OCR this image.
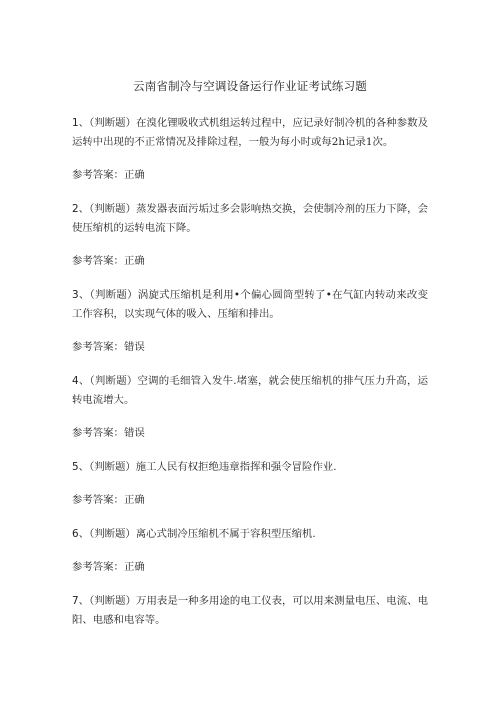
云南省制冷与空调设备运行作业证考试练习题

1、（判断题）在溴化锂吸收式机组运转过程中，应记录好制冷机的各种参数及运转中出现的不正常情况及排除过程，一般为每小时或每2h记录1次。

参考答案：正确

2、（判断题）蒸发器表面污垢过多会影响热交换，会使制冷剂的压力下降，会使压缩机的运转电流下降。

参考答案：正确

3、（判断题）涡旋式压缩机是利用•个偏心圆筒型转了•在气缸内转动来改变工作容积，以实现气体的吸入、压缩和排出。

参考答案：错误

4、（判断题）空调的毛细管入发牛.堵塞，就会使压缩机的排气压力升高，运转电流增大。

参考答案：错误

5、（判断题）施工人民有权拒绝违章指挥和强令冒险作业.

参考答案：正确

6、（判断题）离心式制冷压缩机不属于容积型压缩机.

参考答案：正确

7、（判断题）万用表是一种多用途的电工仪表，可以用来测量电压、电流、电阳、电感和电容等。
